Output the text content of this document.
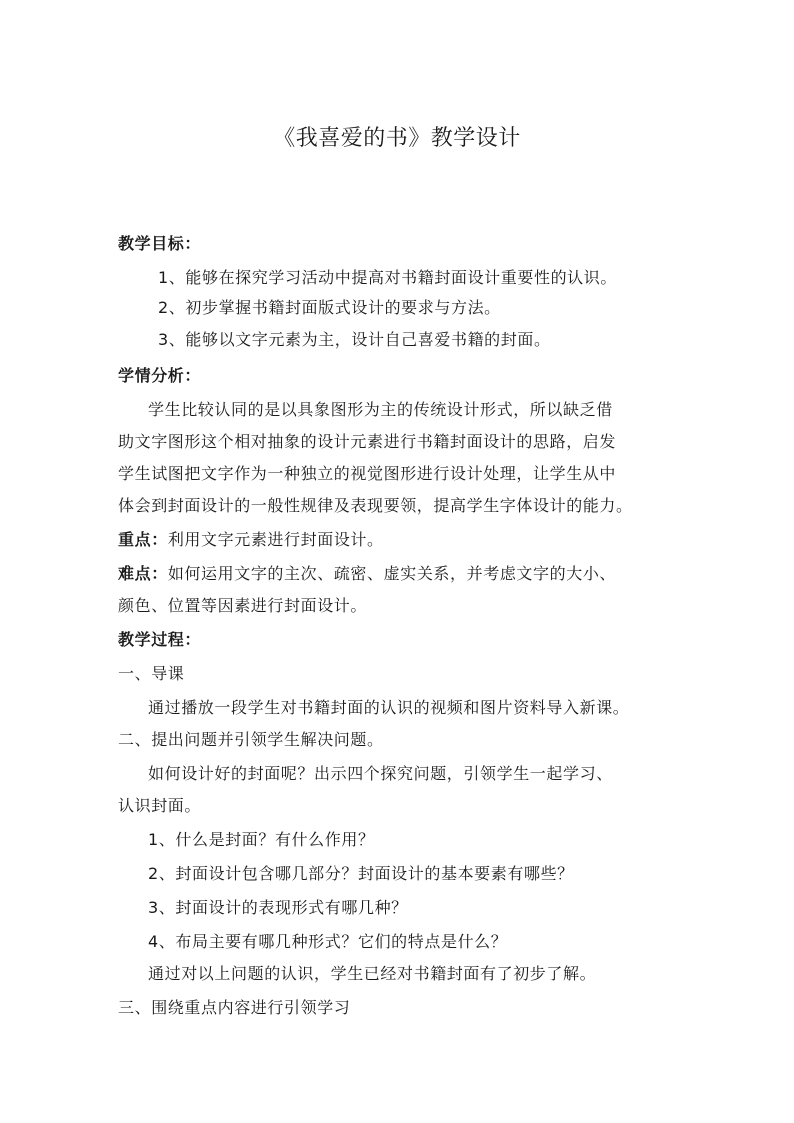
《我喜爱的书》教学设计
教学目标：
1、能够在探究学习活动中提高对书籍封面设计重要性的认识。
2、初步掌握书籍封面版式设计的要求与方法。
3、能够以文字元素为主，设计自己喜爱书籍的封面。
学情分析：
学生比较认同的是以具象图形为主的传统设计形式，所以缺乏借
助文字图形这个相对抽象的设计元素进行书籍封面设计的思路，启发
学生试图把文字作为一种独立的视觉图形进行设计处理，让学生从中
体会到封面设计的一般性规律及表现要领，提高学生字体设计的能力。
重点：利用文字元素进行封面设计。
难点：如何运用文字的主次、疏密、虚实关系，并考虑文字的大小、
颜色、位置等因素进行封面设计。
教学过程：
一、导课
通过播放一段学生对书籍封面的认识的视频和图片资料导入新课。
二、提出问题并引领学生解决问题。
如何设计好的封面呢？出示四个探究问题，引领学生一起学习、
认识封面。
1、什么是封面？有什么作用？
2、封面设计包含哪几部分？封面设计的基本要素有哪些？
3、封面设计的表现形式有哪几种？
4、布局主要有哪几种形式？它们的特点是什么？
通过对以上问题的认识，学生已经对书籍封面有了初步了解。
三、围绕重点内容进行引领学习
